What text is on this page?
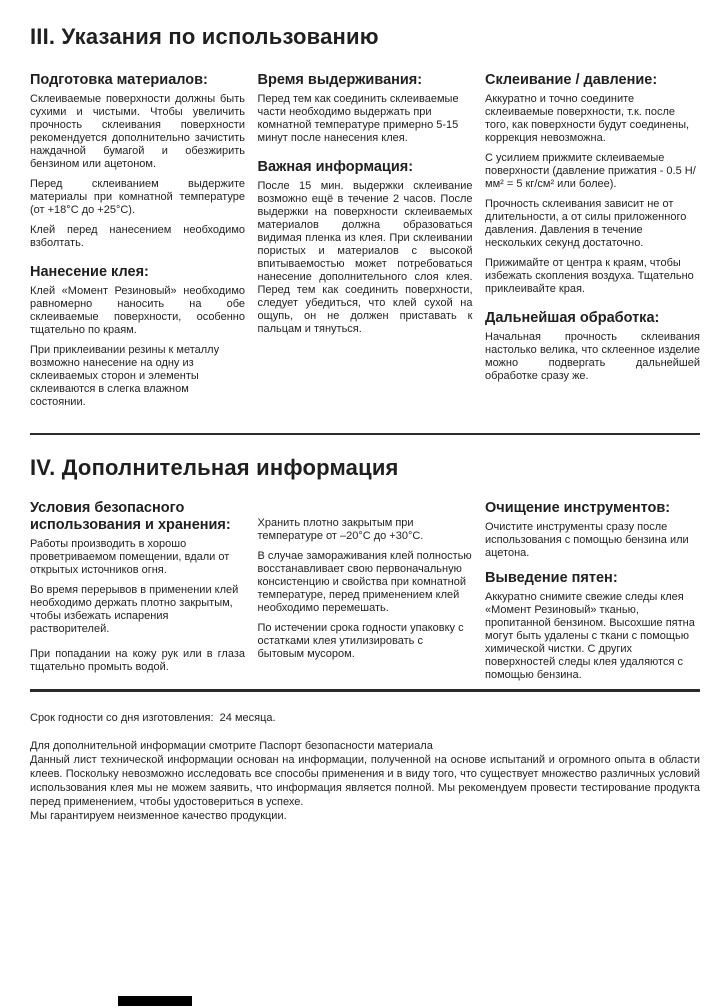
III. Указания по использованию
Подготовка материалов:

Склеиваемые поверхности должны быть сухими и чистыми. Чтобы увеличить прочность склеивания поверхности рекомендуется дополнительно зачистить наждачной бумагой и обезжирить бензином или ацетоном.

Перед склеиванием выдержите материалы при комнатной температуре (от +18°С до +25°С).

Клей перед нанесением необходимо взболтать.

Нанесение клея:

Клей «Момент Резиновый» необходимо равномерно наносить на обе склеиваемые поверхности, особенно тщательно по краям.

При приклеивании резины к металлу возможно нанесение на одну из склеиваемых сторон и элементы склеиваются в слегка влажном состоянии.

Время выдерживания:

Перед тем как соединить склеиваемые части необходимо выдержать при комнатной температуре примерно 5-15 минут после нанесения клея.

Важная информация:

После 15 мин. выдержки склеивание возможно ещё в течение 2 часов. После выдержки на поверхности склеиваемых материалов должна образоваться видимая пленка из клея. При склеивании пористых и материалов с высокой впитываемостью может потребоваться нанесение дополнительного слоя клея. Перед тем как соединить поверхности, следует убедиться, что клей сухой на ощупь, он не должен приставать к пальцам и тянуться.

Склеивание / давление:

Аккуратно и точно соедините склеиваемые поверхности, т.к. после того, как поверхности будут соединены, коррекция невозможна.

С усилием прижмите склеиваемые поверхности (давление прижатия - 0.5 Н/мм² = 5 кг/см² или более).

Прочность склеивания зависит не от длительности, а от силы приложенного давления. Давления в течение нескольких секунд достаточно.

Прижимайте от центра к краям, чтобы избежать скопления воздуха. Тщательно приклеивайте края.

Дальнейшая обработка:

Начальная прочность склеивания настолько велика, что склеенное изделие можно подвергать дальнейшей обработке сразу же.

IV. Дополнительная информация
Условия безопасного использования и хранения:

Работы производить в хорошо проветриваемом помещении, вдали от открытых источников огня.

Во время перерывов в применении клей необходимо держать плотно закрытым, чтобы избежать испарения растворителей.

При попадании на кожу рук или в глаза тщательно промыть водой.

Хранить плотно закрытым при температуре от –20°С до +30°С.

В случае замораживания клей полностью восстанавливает свою первоначальную консистенцию и свойства при комнатной температуре, перед применением клей необходимо перемешать.

По истечении срока годности упаковку с остатками клея утилизировать с бытовым мусором.

Очищение инструментов:

Очистите инструменты сразу после использования с помощью бензина или ацетона.

Выведение пятен:

Аккуратно снимите свежие следы клея «Момент Резиновый» тканью, пропитанной бензином. Высохшие пятна могут быть удалены с ткани с помощью химической чистки. С других поверхностей следы клея удаляются с помощью бензина.

Срок годности со дня изготовления:  24 месяца.

Для дополнительной информации смотрите Паспорт безопасности материала

Данный лист технической информации основан на информации, полученной на основе испытаний и огромного опыта в области клеев. Поскольку невозможно исследовать все способы применения и в виду того, что существует множество различных условий использования клея мы не можем заявить, что информация является полной. Мы рекомендуем провести тестирование продукта перед применением, чтобы удостовериться в успехе.

Мы гарантируем неизменное качество продукции.
